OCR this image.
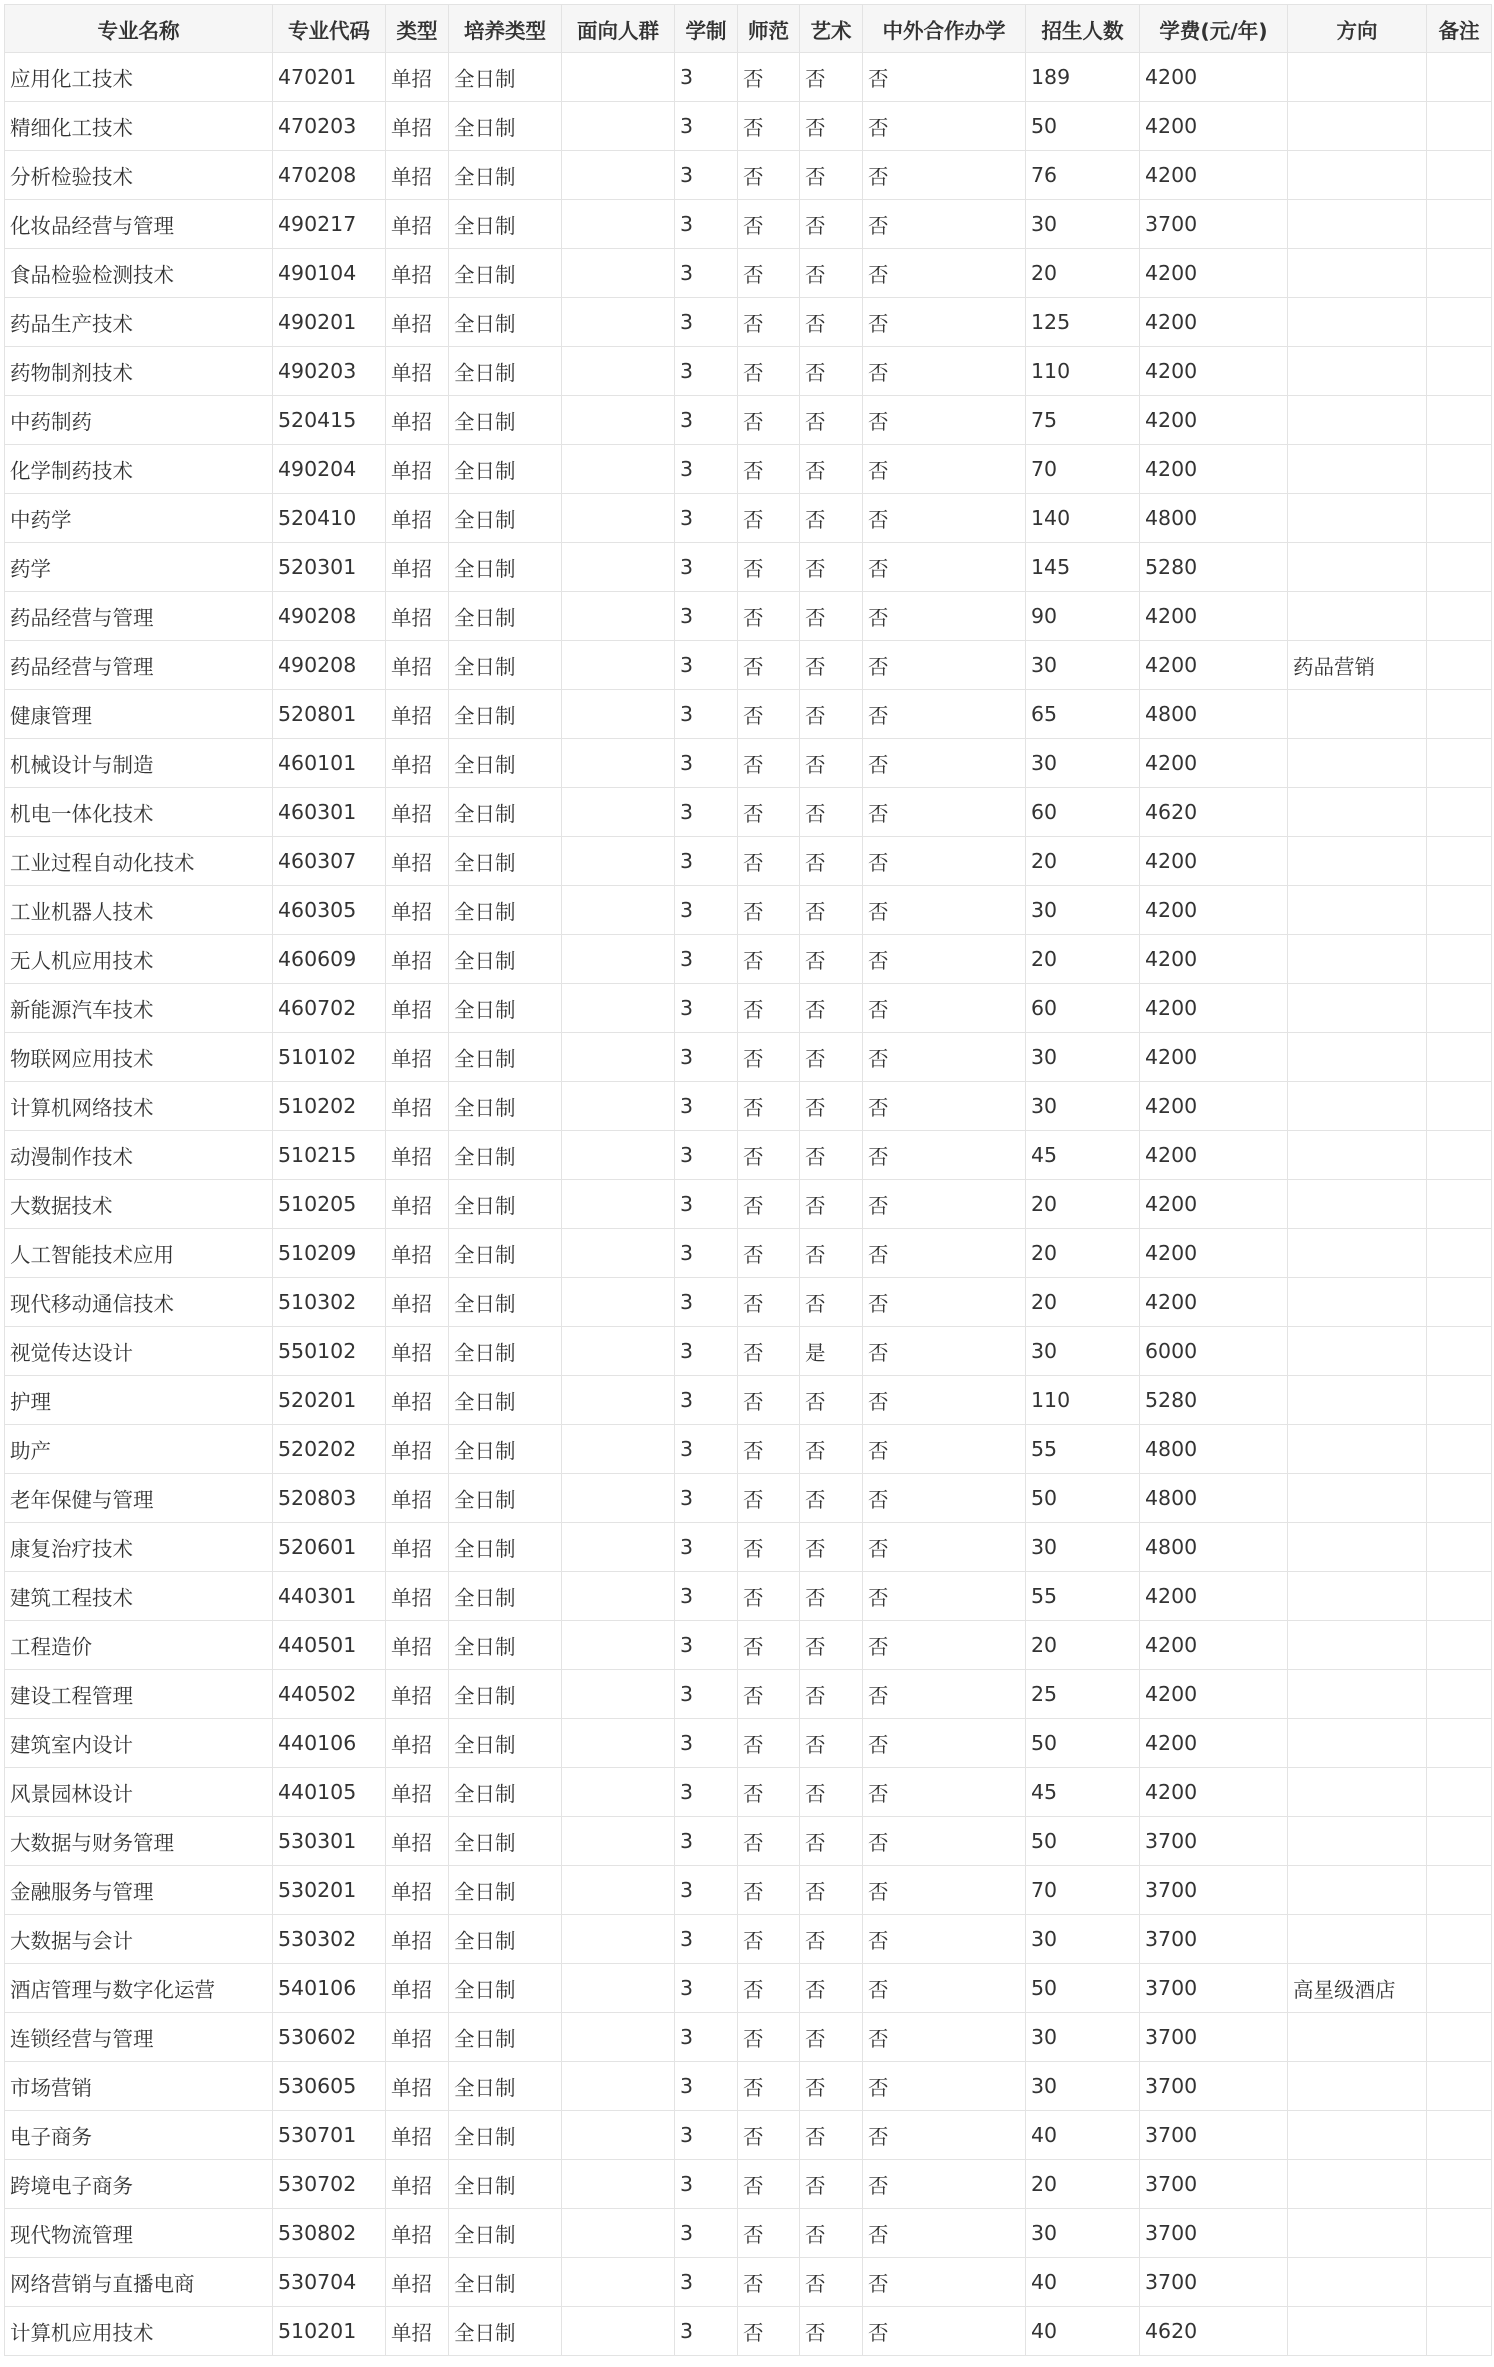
专业名称	专业代码	类型	培养类型	面向人群	学制	师范	艺术	中外合作办学	招生人数	学费(元/年)	方向	备注
应用化工技术	470201	单招	全日制		3	否	否	否	189	4200		
精细化工技术	470203	单招	全日制		3	否	否	否	50	4200		
分析检验技术	470208	单招	全日制		3	否	否	否	76	4200		
化妆品经营与管理	490217	单招	全日制		3	否	否	否	30	3700		
食品检验检测技术	490104	单招	全日制		3	否	否	否	20	4200		
药品生产技术	490201	单招	全日制		3	否	否	否	125	4200		
药物制剂技术	490203	单招	全日制		3	否	否	否	110	4200		
中药制药	520415	单招	全日制		3	否	否	否	75	4200		
化学制药技术	490204	单招	全日制		3	否	否	否	70	4200		
中药学	520410	单招	全日制		3	否	否	否	140	4800		
药学	520301	单招	全日制		3	否	否	否	145	5280		
药品经营与管理	490208	单招	全日制		3	否	否	否	90	4200		
药品经营与管理	490208	单招	全日制		3	否	否	否	30	4200	药品营销	
健康管理	520801	单招	全日制		3	否	否	否	65	4800		
机械设计与制造	460101	单招	全日制		3	否	否	否	30	4200		
机电一体化技术	460301	单招	全日制		3	否	否	否	60	4620		
工业过程自动化技术	460307	单招	全日制		3	否	否	否	20	4200		
工业机器人技术	460305	单招	全日制		3	否	否	否	30	4200		
无人机应用技术	460609	单招	全日制		3	否	否	否	20	4200		
新能源汽车技术	460702	单招	全日制		3	否	否	否	60	4200		
物联网应用技术	510102	单招	全日制		3	否	否	否	30	4200		
计算机网络技术	510202	单招	全日制		3	否	否	否	30	4200		
动漫制作技术	510215	单招	全日制		3	否	否	否	45	4200		
大数据技术	510205	单招	全日制		3	否	否	否	20	4200		
人工智能技术应用	510209	单招	全日制		3	否	否	否	20	4200		
现代移动通信技术	510302	单招	全日制		3	否	否	否	20	4200		
视觉传达设计	550102	单招	全日制		3	否	是	否	30	6000		
护理	520201	单招	全日制		3	否	否	否	110	5280		
助产	520202	单招	全日制		3	否	否	否	55	4800		
老年保健与管理	520803	单招	全日制		3	否	否	否	50	4800		
康复治疗技术	520601	单招	全日制		3	否	否	否	30	4800		
建筑工程技术	440301	单招	全日制		3	否	否	否	55	4200		
工程造价	440501	单招	全日制		3	否	否	否	20	4200		
建设工程管理	440502	单招	全日制		3	否	否	否	25	4200		
建筑室内设计	440106	单招	全日制		3	否	否	否	50	4200		
风景园林设计	440105	单招	全日制		3	否	否	否	45	4200		
大数据与财务管理	530301	单招	全日制		3	否	否	否	50	3700		
金融服务与管理	530201	单招	全日制		3	否	否	否	70	3700		
大数据与会计	530302	单招	全日制		3	否	否	否	30	3700		
酒店管理与数字化运营	540106	单招	全日制		3	否	否	否	50	3700	高星级酒店	
连锁经营与管理	530602	单招	全日制		3	否	否	否	30	3700		
市场营销	530605	单招	全日制		3	否	否	否	30	3700		
电子商务	530701	单招	全日制		3	否	否	否	40	3700		
跨境电子商务	530702	单招	全日制		3	否	否	否	20	3700		
现代物流管理	530802	单招	全日制		3	否	否	否	30	3700		
网络营销与直播电商	530704	单招	全日制		3	否	否	否	40	3700		
计算机应用技术	510201	单招	全日制		3	否	否	否	40	4620		
